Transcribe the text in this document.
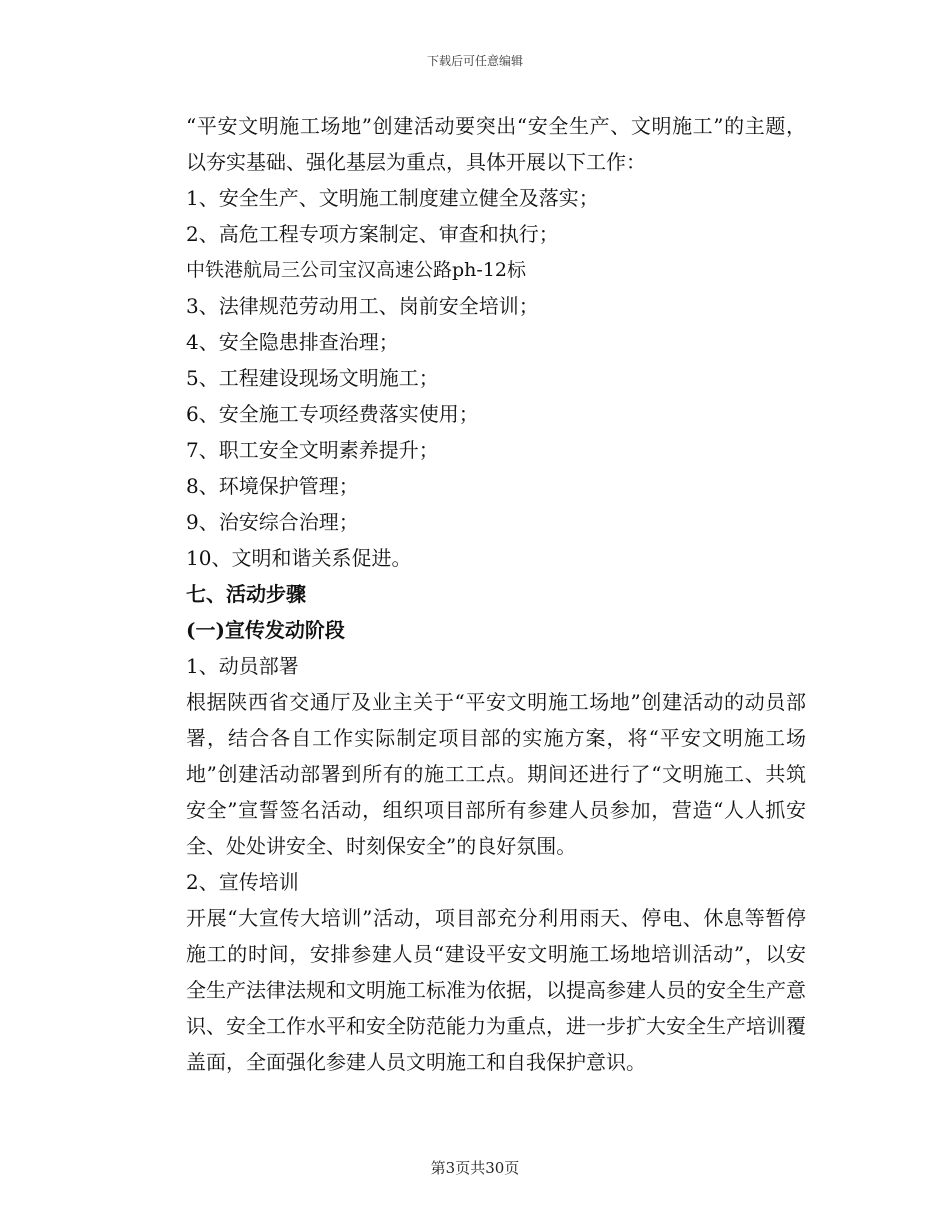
下载后可任意编辑

“平安文明施工场地”创建活动要突出“安全生产、文明施工”的主题，以夯实基础、强化基层为重点，具体开展以下工作：

1、安全生产、文明施工制度建立健全及落实；

2、高危工程专项方案制定、审查和执行；

中铁港航局三公司宝汉高速公路ph-12标

3、法律规范劳动用工、岗前安全培训；

4、安全隐患排查治理；

5、工程建设现场文明施工；

6、安全施工专项经费落实使用；

7、职工安全文明素养提升；

8、环境保护管理；

9、治安综合治理；

10、文明和谐关系促进。

七、活动步骤

(一)宣传发动阶段

1、动员部署

根据陕西省交通厅及业主关于“平安文明施工场地”创建活动的动员部署，结合各自工作实际制定项目部的实施方案，将“平安文明施工场地”创建活动部署到所有的施工工点。期间还进行了“文明施工、共筑安全”宣誓签名活动，组织项目部所有参建人员参加，营造“人人抓安全、处处讲安全、时刻保安全”的良好氛围。

2、宣传培训

开展“大宣传大培训”活动，项目部充分利用雨天、停电、休息等暂停施工的时间，安排参建人员“建设平安文明施工场地培训活动”，以安全生产法律法规和文明施工标准为依据，以提高参建人员的安全生产意识、安全工作水平和安全防范能力为重点，进一步扩大安全生产培训覆盖面，全面强化参建人员文明施工和自我保护意识。

第3页共30页
